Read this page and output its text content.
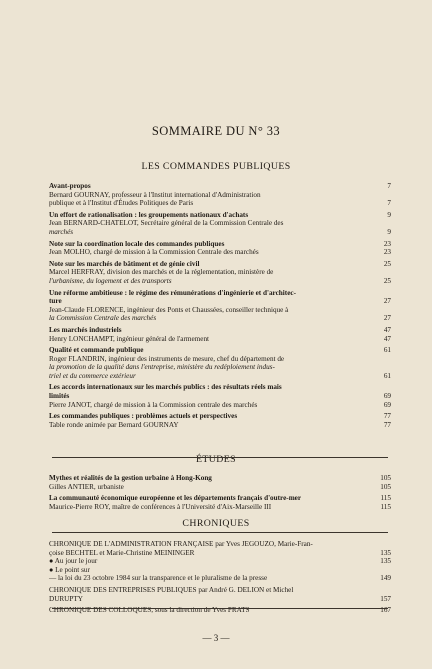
SOMMAIRE DU N° 33
LES COMMANDES PUBLIQUES
Avant-propos	7
Bernard GOURNAY, professeur à l'Institut international d'Administration
publique et à l'Institut d'Études Politiques de Paris	7
Un effort de rationalisation : les groupements nationaux d'achats	9
Jean BERNARD-CHATELOT, Secrétaire général de la Commission Centrale des
marchés	9
Note sur la coordination locale des commandes publiques	23
Jean MOLHO, chargé de mission à la Commission Centrale des marchés	23
Note sur les marchés de bâtiment et de génie civil	25
Marcel HERFRAY, division des marchés et de la réglementation, ministère de
l'urbanisme, du logement et des transports	25
Une réforme ambitieuse : le régime des rémunérations d'ingénierie et d'architec-
ture	27
Jean-Claude FLORENCE, ingénieur des Ponts et Chaussées, conseiller technique à
la Commission Centrale des marchés	27
Les marchés industriels	47
Henry LONCHAMPT, ingénieur général de l'armement	47
Qualité et commande publique	61
Roger FLANDRIN, ingénieur des instruments de mesure, chef du département de
la promotion de la qualité dans l'entreprise, ministère du redéploiement indus-
triel et du commerce extérieur	61
Les accords internationaux sur les marchés publics : des résultats réels mais
limités	69
Pierre JANOT, chargé de mission à la Commission centrale des marchés	69
Les commandes publiques : problèmes actuels et perspectives	77
Table ronde animée par Bernard GOURNAY	77
ÉTUDES
Mythes et réalités de la gestion urbaine à Hong-Kong	105
Gilles ANTIER, urbaniste	105
La communauté économique européenne et les départements français d'outre-mer	115
Maurice-Pierre ROY, maître de conférences à l'Université d'Aix-Marseille III	115
CHRONIQUES
CHRONIQUE DE L'ADMINISTRATION FRANÇAISE par Yves JEGOUZO, Marie-Fran-
çoise BECHTEL et Marie-Christine MEININGER	135
● Au jour le jour	135
● Le point sur
— la loi du 23 octobre 1984 sur la transparence et le pluralisme de la presse	149
CHRONIQUE DES ENTREPRISES PUBLIQUES par André G. DELION et Michel
DURUPTY	157
CHRONIQUE DES COLLOQUES, sous la direction de Yves PRATS	167
— 3 —
